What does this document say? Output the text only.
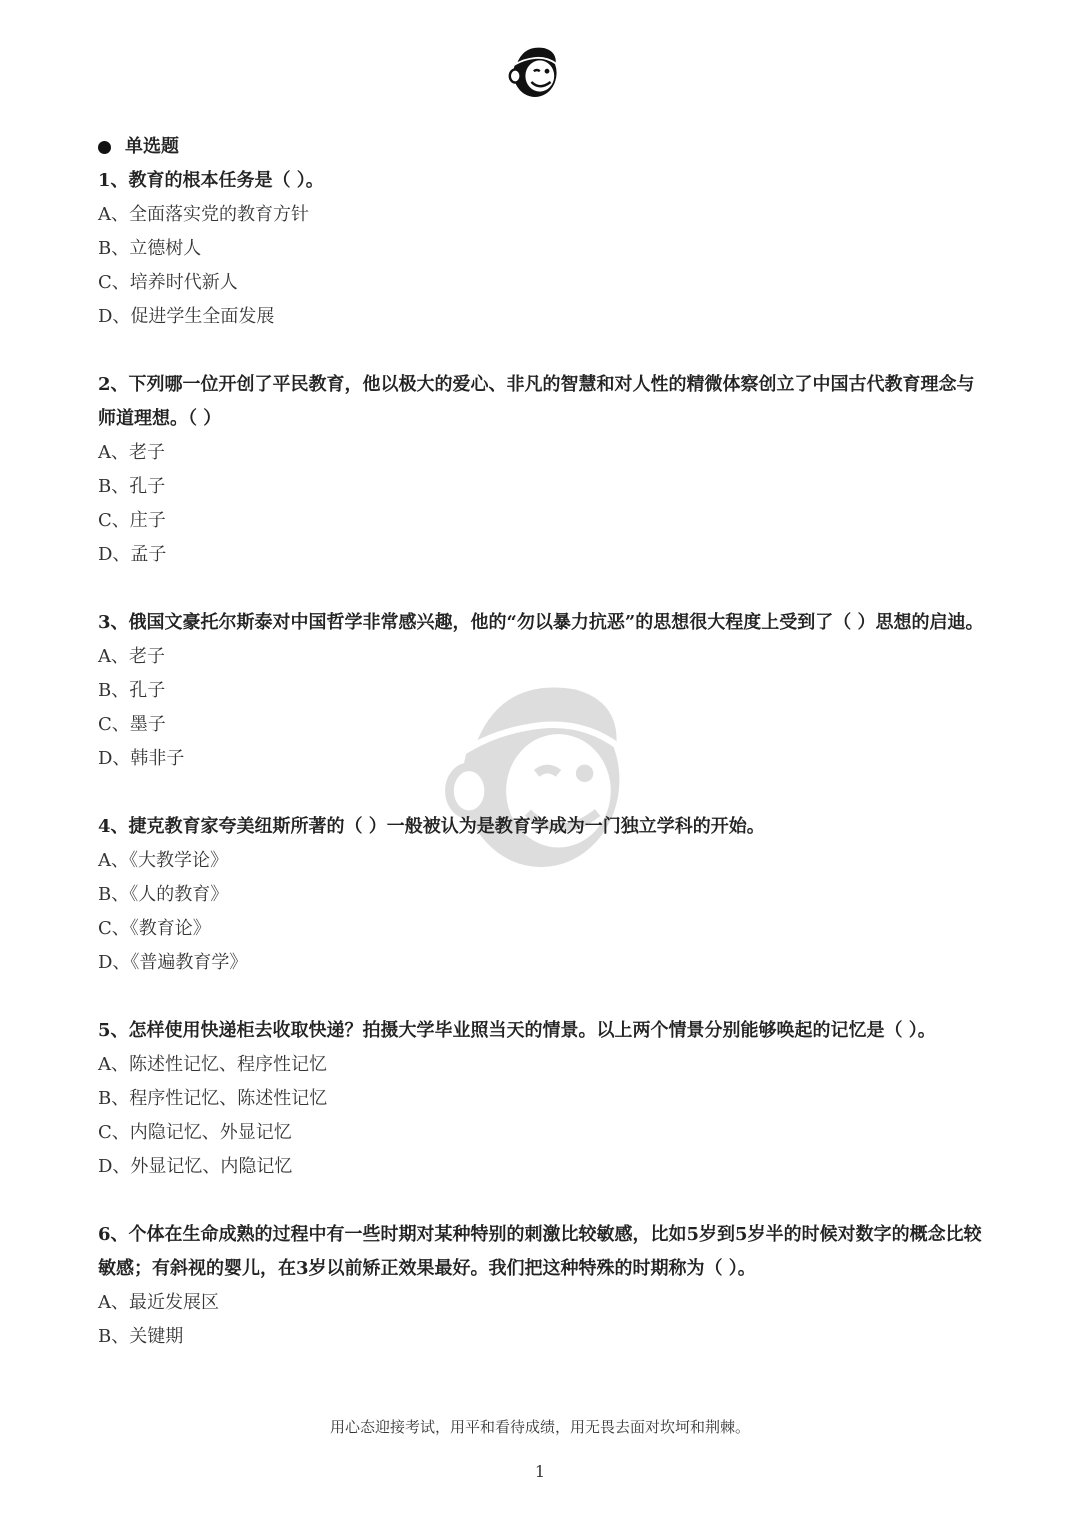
单选题

1、教育的根本任务是（ ）。

A、全面落实党的教育方针
B、立德树人
C、培养时代新人
D、促进学生全面发展

2、下列哪一位开创了平民教育，他以极大的爱心、非凡的智慧和对人性的精微体察创立了中国古代教育理念与师道理想。（ ）

A、老子
B、孔子
C、庄子
D、孟子

3、俄国文豪托尔斯泰对中国哲学非常感兴趣，他的“勿以暴力抗恶”的思想很大程度上受到了（ ）思想的启迪。

A、老子
B、孔子
C、墨子
D、韩非子

4、捷克教育家夸美纽斯所著的（ ）一般被认为是教育学成为一门独立学科的开始。

A、《大教学论》
B、《人的教育》
C、《教育论》
D、《普遍教育学》

5、怎样使用快递柜去收取快递？拍摄大学毕业照当天的情景。以上两个情景分别能够唤起的记忆是（ ）。

A、陈述性记忆、程序性记忆
B、程序性记忆、陈述性记忆
C、内隐记忆、外显记忆
D、外显记忆、内隐记忆

6、个体在生命成熟的过程中有一些时期对某种特别的刺激比较敏感，比如5岁到5岁半的时候对数字的概念比较敏感；有斜视的婴儿，在3岁以前矫正效果最好。我们把这种特殊的时期称为（ ）。

A、最近发展区
B、关键期
用心态迎接考试，用平和看待成绩，用无畏去面对坎坷和荆棘。
1
